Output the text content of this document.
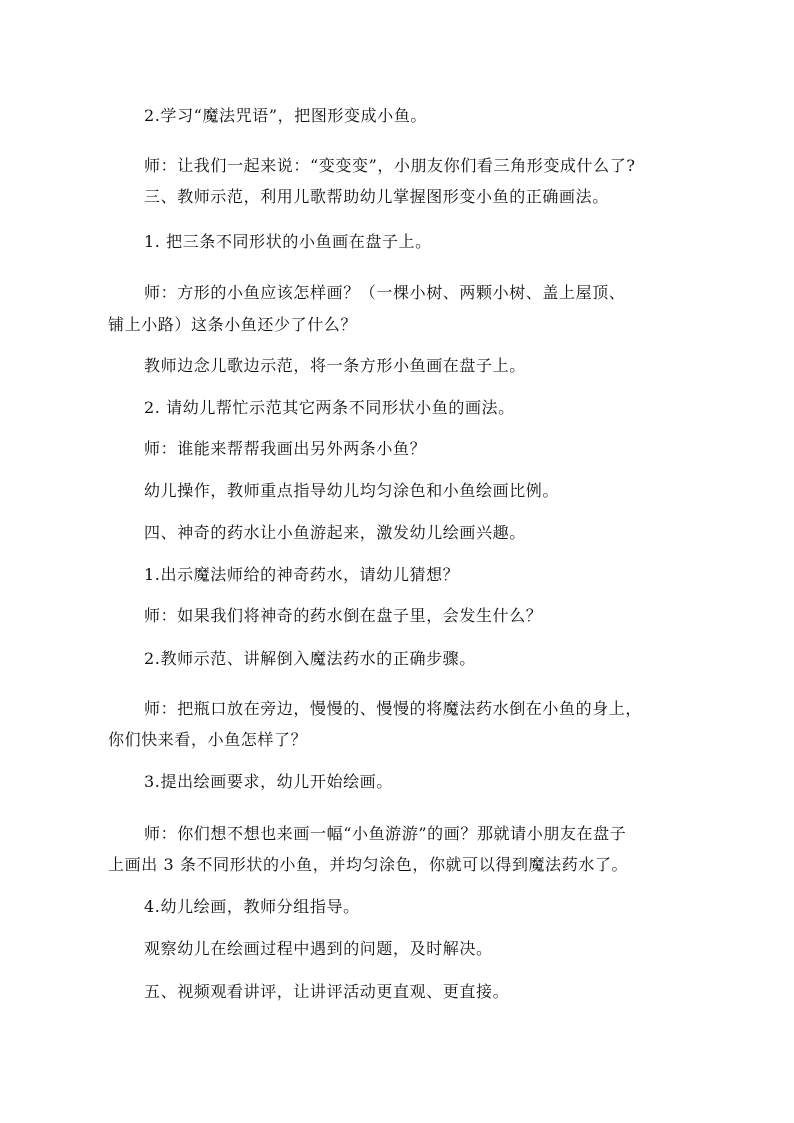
2.学习“魔法咒语”，把图形变成小鱼。

师：让我们一起来说：“变变变”，小朋友你们看三角形变成什么了?

三、教师示范，利用儿歌帮助幼儿掌握图形变小鱼的正确画法。

1. 把三条不同形状的小鱼画在盘子上。

师：方形的小鱼应该怎样画？（一棵小树、两颗小树、盖上屋顶、

铺上小路）这条小鱼还少了什么？

教师边念儿歌边示范，将一条方形小鱼画在盘子上。

2. 请幼儿帮忙示范其它两条不同形状小鱼的画法。

师：谁能来帮帮我画出另外两条小鱼？

幼儿操作，教师重点指导幼儿均匀涂色和小鱼绘画比例。

四、神奇的药水让小鱼游起来，激发幼儿绘画兴趣。

1.出示魔法师给的神奇药水，请幼儿猜想？

师：如果我们将神奇的药水倒在盘子里，会发生什么？

2.教师示范、讲解倒入魔法药水的正确步骤。

师：把瓶口放在旁边，慢慢的、慢慢的将魔法药水倒在小鱼的身上，

你们快来看，小鱼怎样了？

3.提出绘画要求，幼儿开始绘画。

师：你们想不想也来画一幅“小鱼游游”的画？那就请小朋友在盘子

上画出 3 条不同形状的小鱼，并均匀涂色，你就可以得到魔法药水了。

4.幼儿绘画，教师分组指导。

观察幼儿在绘画过程中遇到的问题，及时解决。

五、视频观看讲评，让讲评活动更直观、更直接。
